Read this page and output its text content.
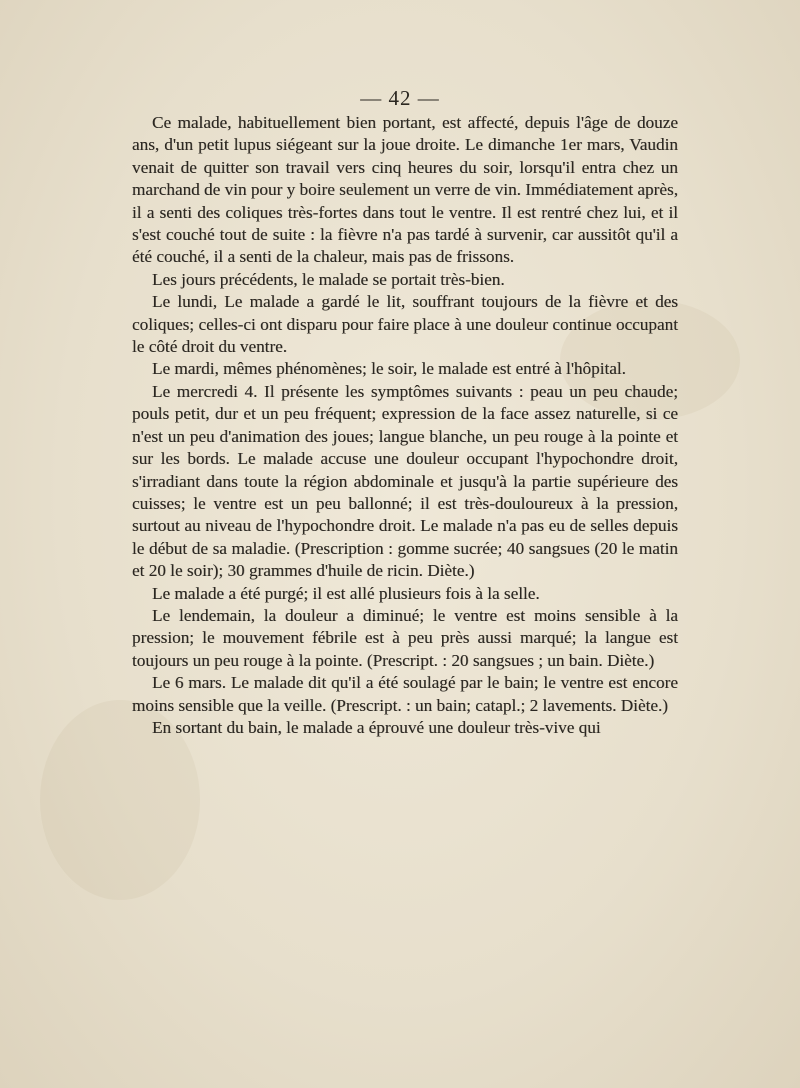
— 42 —

Ce malade, habituellement bien portant, est affecté, depuis l'âge de douze ans, d'un petit lupus siégeant sur la joue droite. Le dimanche 1er mars, Vaudin venait de quitter son travail vers cinq heures du soir, lorsqu'il entra chez un marchand de vin pour y boire seulement un verre de vin. Immédiatement après, il a senti des coliques très-fortes dans tout le ventre. Il est rentré chez lui, et il s'est couché tout de suite : la fièvre n'a pas tardé à survenir, car aussitôt qu'il a été couché, il a senti de la chaleur, mais pas de frissons.

Les jours précédents, le malade se portait très-bien.

Le lundi, Le malade a gardé le lit, souffrant toujours de la fièvre et des coliques; celles-ci ont disparu pour faire place à une douleur continue occupant le côté droit du ventre.

Le mardi, mêmes phénomènes; le soir, le malade est entré à l'hôpital.

Le mercredi 4. Il présente les symptômes suivants : peau un peu chaude; pouls petit, dur et un peu fréquent; expression de la face assez naturelle, si ce n'est un peu d'animation des joues; langue blanche, un peu rouge à la pointe et sur les bords. Le malade accuse une douleur occupant l'hypochondre droit, s'irradiant dans toute la région abdominale et jusqu'à la partie supérieure des cuisses; le ventre est un peu ballonné; il est très-douloureux à la pression, surtout au niveau de l'hypochondre droit. Le malade n'a pas eu de selles depuis le début de sa maladie. (Prescription : gomme sucrée; 40 sangsues (20 le matin et 20 le soir); 30 grammes d'huile de ricin. Diète.)

Le malade a été purgé; il est allé plusieurs fois à la selle.

Le lendemain, la douleur a diminué; le ventre est moins sensible à la pression; le mouvement fébrile est à peu près aussi marqué; la langue est toujours un peu rouge à la pointe. (Prescript. : 20 sangsues ; un bain. Diète.)

Le 6 mars. Le malade dit qu'il a été soulagé par le bain; le ventre est encore moins sensible que la veille. (Prescript. : un bain; catapl.; 2 lavements. Diète.)

En sortant du bain, le malade a éprouvé une douleur très-vive qui
